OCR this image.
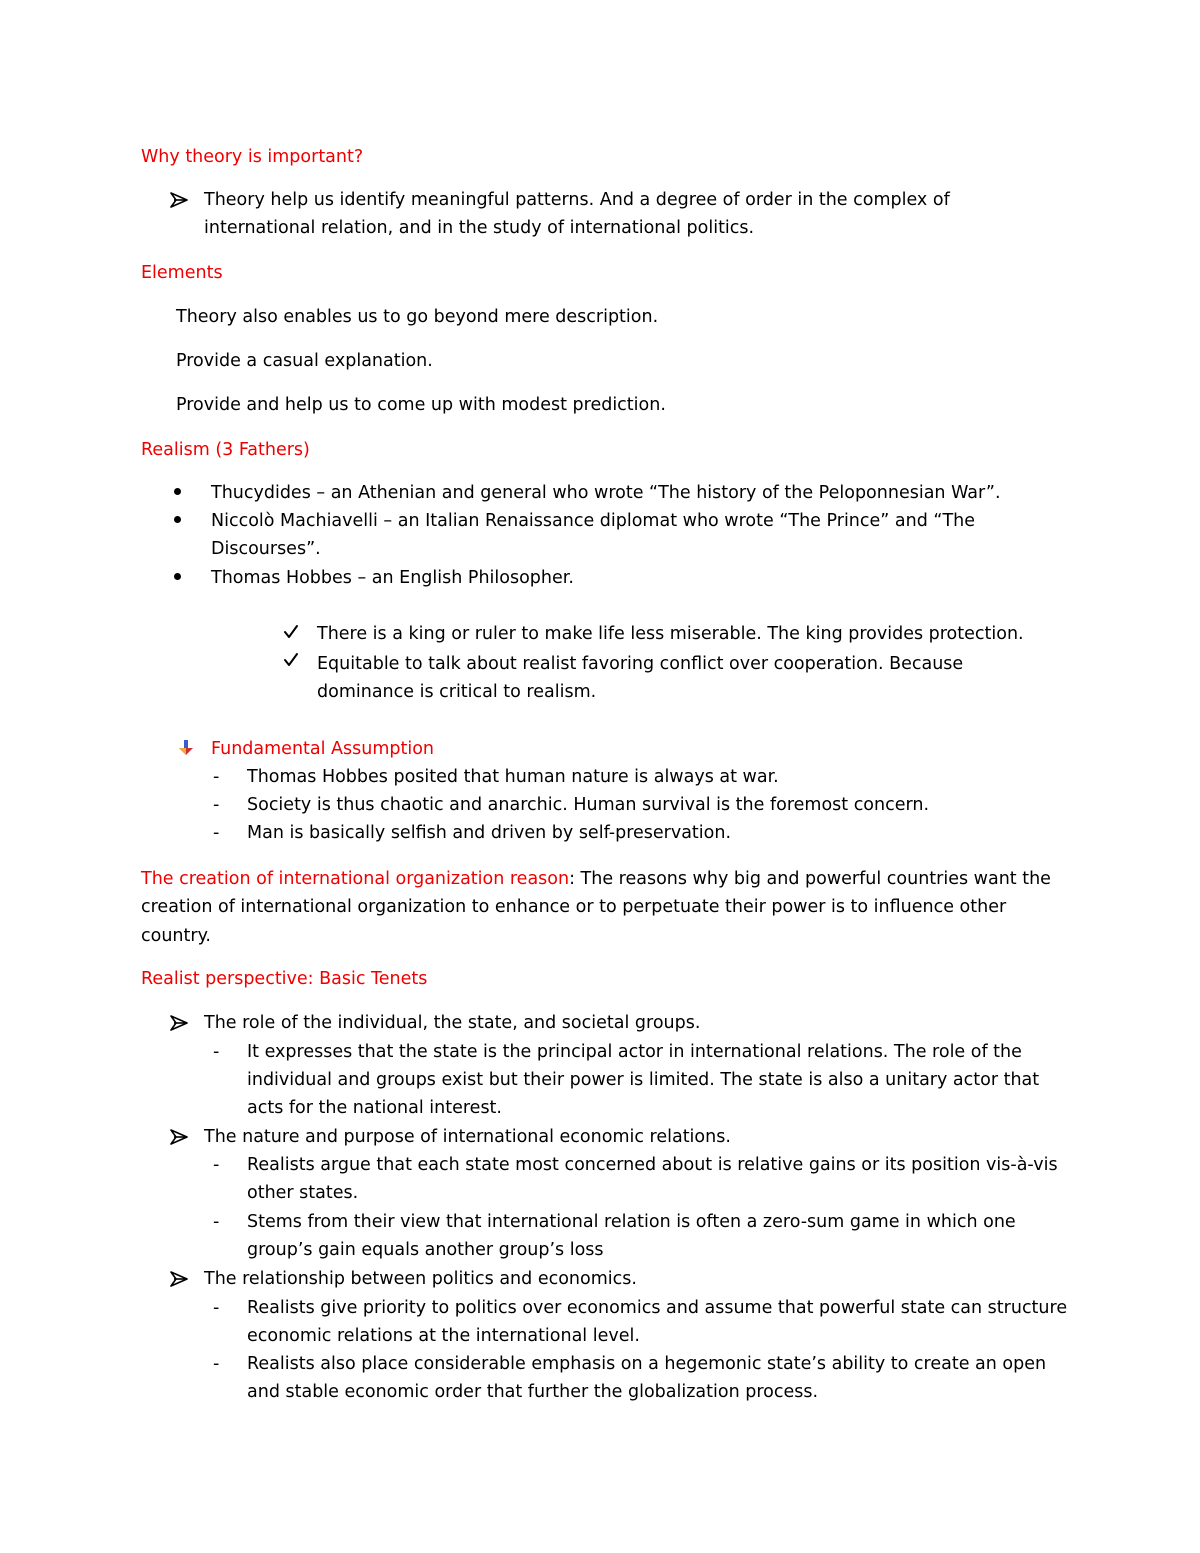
Why theory is important?
Theory help us identify meaningful patterns. And a degree of order in the complex of
international relation, and in the study of international politics.
Elements
Theory also enables us to go beyond mere description.
Provide a casual explanation.
Provide and help us to come up with modest prediction.
Realism (3 Fathers)
Thucydides – an Athenian and general who wrote “The history of the Peloponnesian War”.
Niccolò Machiavelli – an Italian Renaissance diplomat who wrote “The Prince” and “The
Discourses”.
Thomas Hobbes – an English Philosopher.
There is a king or ruler to make life less miserable. The king provides protection.
Equitable to talk about realist favoring conflict over cooperation. Because
dominance is critical to realism.
Fundamental Assumption
- Thomas Hobbes posited that human nature is always at war.
- Society is thus chaotic and anarchic. Human survival is the foremost concern.
- Man is basically selfish and driven by self-preservation.
The creation of international organization reason: The reasons why big and powerful countries want the
creation of international organization to enhance or to perpetuate their power is to influence other
country.
Realist perspective: Basic Tenets
The role of the individual, the state, and societal groups.
- It expresses that the state is the principal actor in international relations. The role of the
individual and groups exist but their power is limited. The state is also a unitary actor that
acts for the national interest.
The nature and purpose of international economic relations.
- Realists argue that each state most concerned about is relative gains or its position vis-à-vis
other states.
- Stems from their view that international relation is often a zero-sum game in which one
group’s gain equals another group’s loss
The relationship between politics and economics.
- Realists give priority to politics over economics and assume that powerful state can structure
economic relations at the international level.
- Realists also place considerable emphasis on a hegemonic state’s ability to create an open
and stable economic order that further the globalization process.
